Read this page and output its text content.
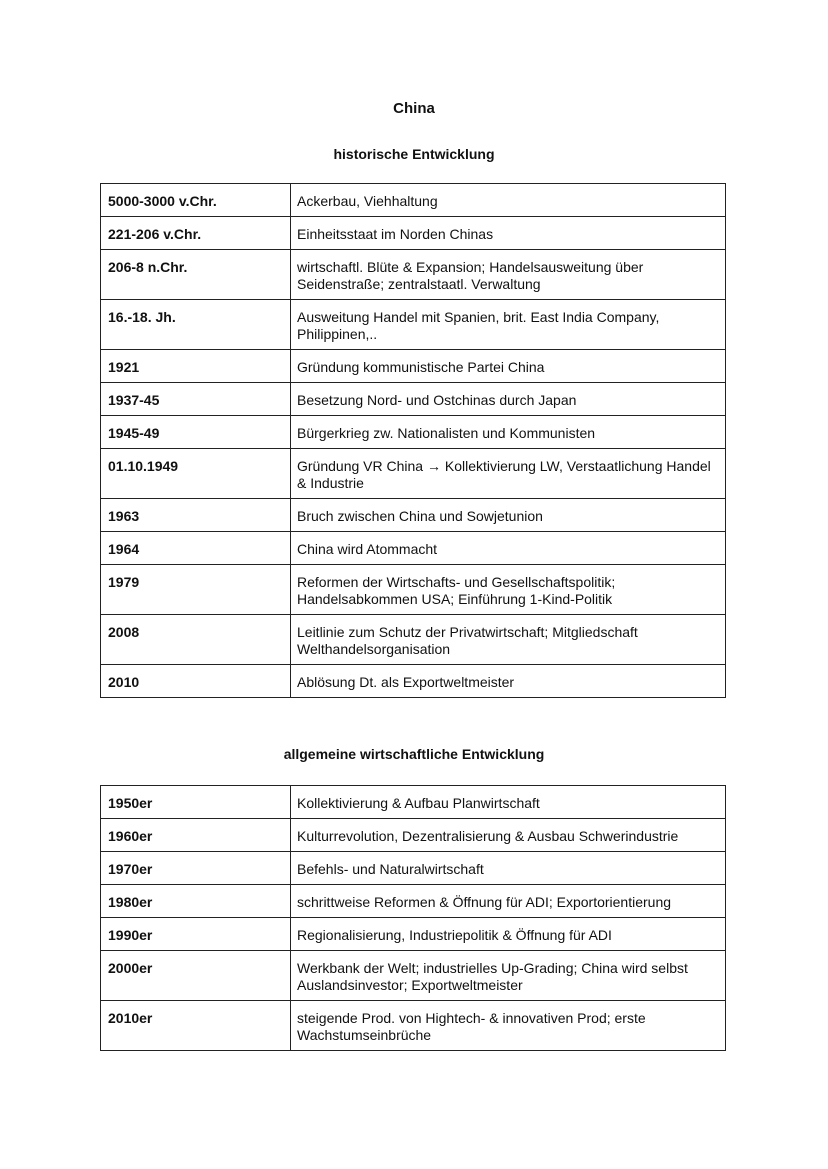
China
historische Entwicklung
5000-3000 v.Chr.	Ackerbau, Viehhaltung
221-206 v.Chr.	Einheitsstaat im Norden Chinas
206-8 n.Chr.	wirtschaftl. Blüte & Expansion; Handelsausweitung über Seidenstraße; zentralstaatl. Verwaltung
16.-18. Jh.	Ausweitung Handel mit Spanien, brit. East India Company, Philippinen,..
1921	Gründung kommunistische Partei China
1937-45	Besetzung Nord- und Ostchinas durch Japan
1945-49	Bürgerkrieg zw. Nationalisten und Kommunisten
01.10.1949	Gründung VR China → Kollektivierung LW, Verstaatlichung Handel & Industrie
1963	Bruch zwischen China und Sowjetunion
1964	China wird Atommacht
1979	Reformen der Wirtschafts- und Gesellschaftspolitik; Handelsabkommen USA; Einführung 1-Kind-Politik
2008	Leitlinie zum Schutz der Privatwirtschaft; Mitgliedschaft Welthandelsorganisation
2010	Ablösung Dt. als Exportweltmeister
allgemeine wirtschaftliche Entwicklung
1950er	Kollektivierung & Aufbau Planwirtschaft
1960er	Kulturrevolution, Dezentralisierung & Ausbau Schwerindustrie
1970er	Befehls- und Naturalwirtschaft
1980er	schrittweise Reformen & Öffnung für ADI; Exportorientierung
1990er	Regionalisierung, Industriepolitik & Öffnung für ADI
2000er	Werkbank der Welt; industrielles Up-Grading; China wird selbst Auslandsinvestor; Exportweltmeister
2010er	steigende Prod. von Hightech- & innovativen Prod; erste Wachstumseinbrüche
